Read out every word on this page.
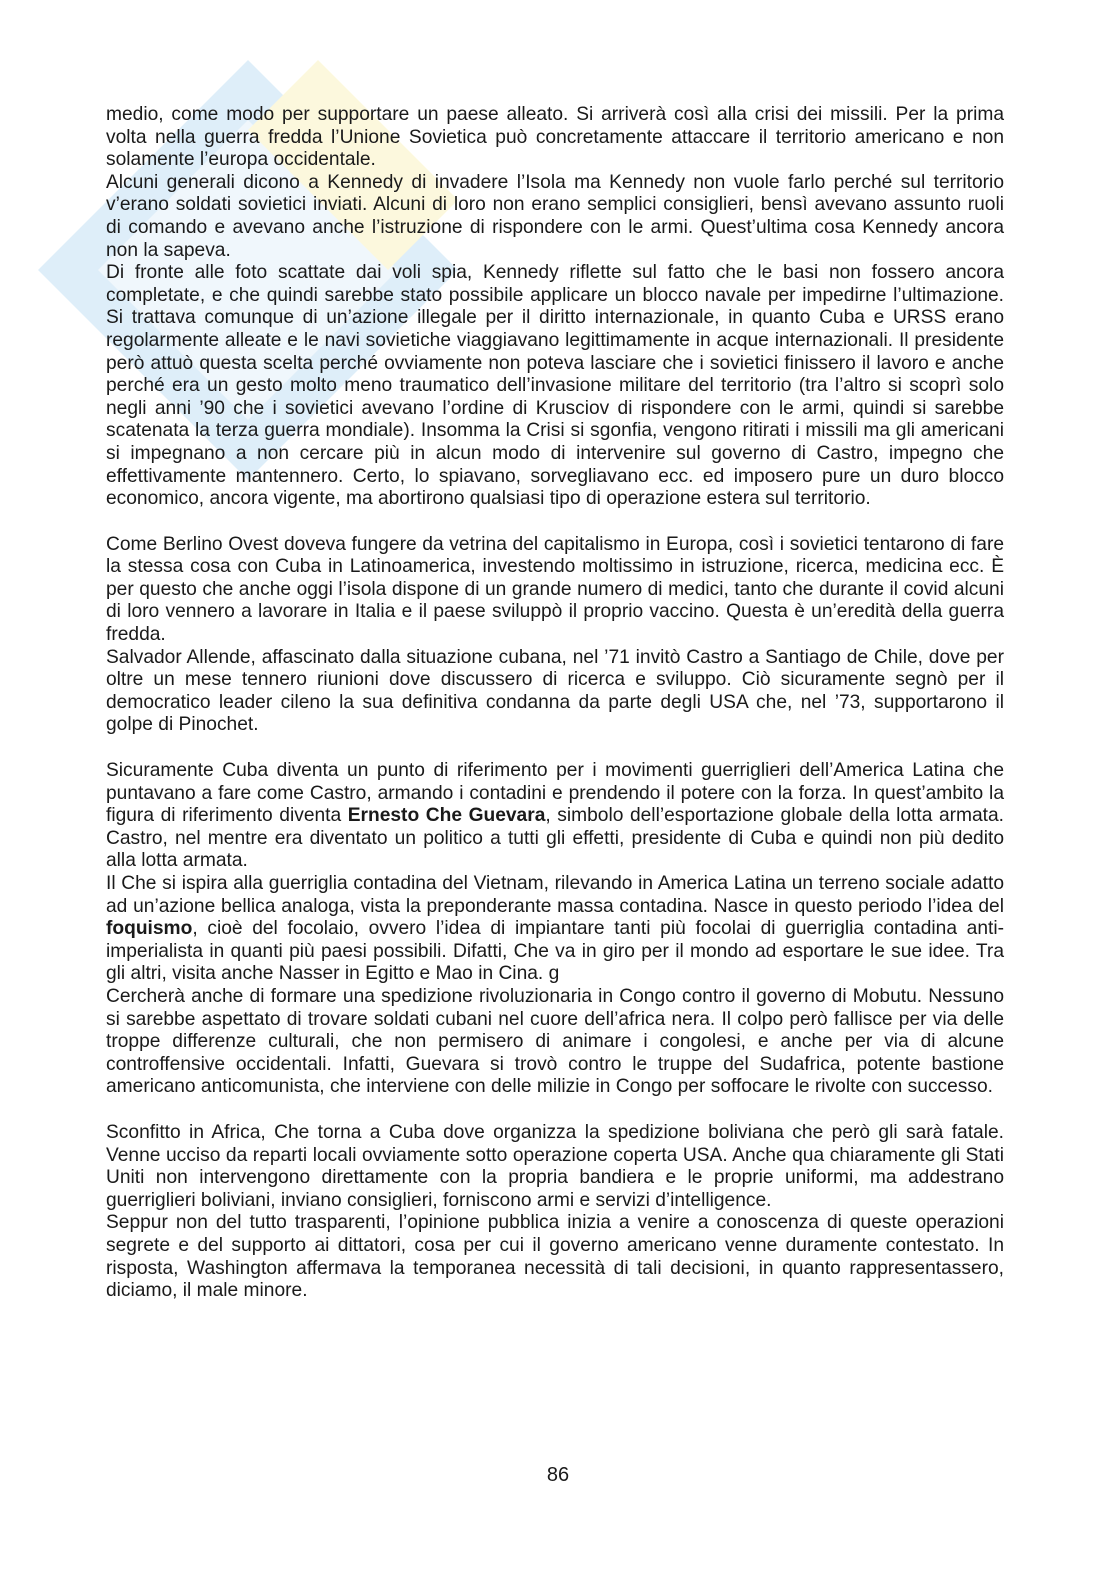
medio, come modo per supportare un paese alleato. Si arriverà così alla crisi dei missili. Per la prima volta nella guerra fredda l’Unione Sovietica può concretamente attaccare il territorio americano e non solamente l’europa occidentale.

Alcuni generali dicono a Kennedy di invadere l’Isola ma Kennedy non vuole farlo perché sul territorio v’erano soldati sovietici inviati. Alcuni di loro non erano semplici consiglieri, bensì avevano assunto ruoli di comando e avevano anche l’istruzione di rispondere con le armi. Quest’ultima cosa Kennedy ancora non la sapeva.

Di fronte alle foto scattate dai voli spia, Kennedy riflette sul fatto che le basi non fossero ancora completate, e che quindi sarebbe stato possibile applicare un blocco navale per impedirne l’ultimazione. Si trattava comunque di un’azione illegale per il diritto internazionale, in quanto Cuba e URSS erano regolarmente alleate e le navi sovietiche viaggiavano legittimamente in acque internazionali. Il presidente però attuò questa scelta perché ovviamente non poteva lasciare che i sovietici finissero il lavoro e anche perché era un gesto molto meno traumatico dell’invasione militare del territorio (tra l’altro si scoprì solo negli anni ’90 che i sovietici avevano l’ordine di Krusciov di rispondere con le armi, quindi si sarebbe scatenata la terza guerra mondiale). Insomma la Crisi si sgonfia, vengono ritirati i missili ma gli americani si impegnano a non cercare più in alcun modo di intervenire sul governo di Castro, impegno che effettivamente mantennero. Certo, lo spiavano, sorvegliavano ecc. ed imposero pure un duro blocco economico, ancora vigente, ma abortirono qualsiasi tipo di operazione estera sul territorio.

Come Berlino Ovest doveva fungere da vetrina del capitalismo in Europa, così i sovietici tentarono di fare la stessa cosa con Cuba in Latinoamerica, investendo moltissimo in istruzione, ricerca, medicina ecc. È per questo che anche oggi l’isola dispone di un grande numero di medici, tanto che durante il covid alcuni di loro vennero a lavorare in Italia e il paese sviluppò il proprio vaccino. Questa è un’eredità della guerra fredda.

Salvador Allende, affascinato dalla situazione cubana, nel ’71 invitò Castro a Santiago de Chile, dove per oltre un mese tennero riunioni dove discussero di ricerca e sviluppo. Ciò sicuramente segnò per il democratico leader cileno la sua definitiva condanna da parte degli USA che, nel ’73, supportarono il golpe di Pinochet.

Sicuramente Cuba diventa un punto di riferimento per i movimenti guerriglieri dell’America Latina che puntavano a fare come Castro, armando i contadini e prendendo il potere con la forza. In quest’ambito la figura di riferimento diventa Ernesto Che Guevara, simbolo dell’esportazione globale della lotta armata. Castro, nel mentre era diventato un politico a tutti gli effetti, presidente di Cuba e quindi non più dedito alla lotta armata.

Il Che si ispira alla guerriglia contadina del Vietnam, rilevando in America Latina un terreno sociale adatto ad un’azione bellica analoga, vista la preponderante massa contadina. Nasce in questo periodo l’idea del foquismo, cioè del focolaio, ovvero l’idea di impiantare tanti più focolai di guerriglia contadina anti-imperialista in quanti più paesi possibili. Difatti, Che va in giro per il mondo ad esportare le sue idee. Tra gli altri, visita anche Nasser in Egitto e Mao in Cina. g

Cercherà anche di formare una spedizione rivoluzionaria in Congo contro il governo di Mobutu. Nessuno si sarebbe aspettato di trovare soldati cubani nel cuore dell’africa nera. Il colpo però fallisce per via delle troppe differenze culturali, che non permisero di animare i congolesi, e anche per via di alcune controffensive occidentali. Infatti, Guevara si trovò contro le truppe del Sudafrica, potente bastione americano anticomunista, che interviene con delle milizie in Congo per soffocare le rivolte con successo.

Sconfitto in Africa, Che torna a Cuba dove organizza la spedizione boliviana che però gli sarà fatale. Venne ucciso da reparti locali ovviamente sotto operazione coperta USA. Anche qua chiaramente gli Stati Uniti non intervengono direttamente con la propria bandiera e le proprie uniformi, ma addestrano guerriglieri boliviani, inviano consiglieri, forniscono armi e servizi d’intelligence.

Seppur non del tutto trasparenti, l’opinione pubblica inizia a venire a conoscenza di queste operazioni segrete e del supporto ai dittatori, cosa per cui il governo americano venne duramente contestato. In risposta, Washington affermava la temporanea necessità di tali decisioni, in quanto rappresentassero, diciamo, il male minore.

86
